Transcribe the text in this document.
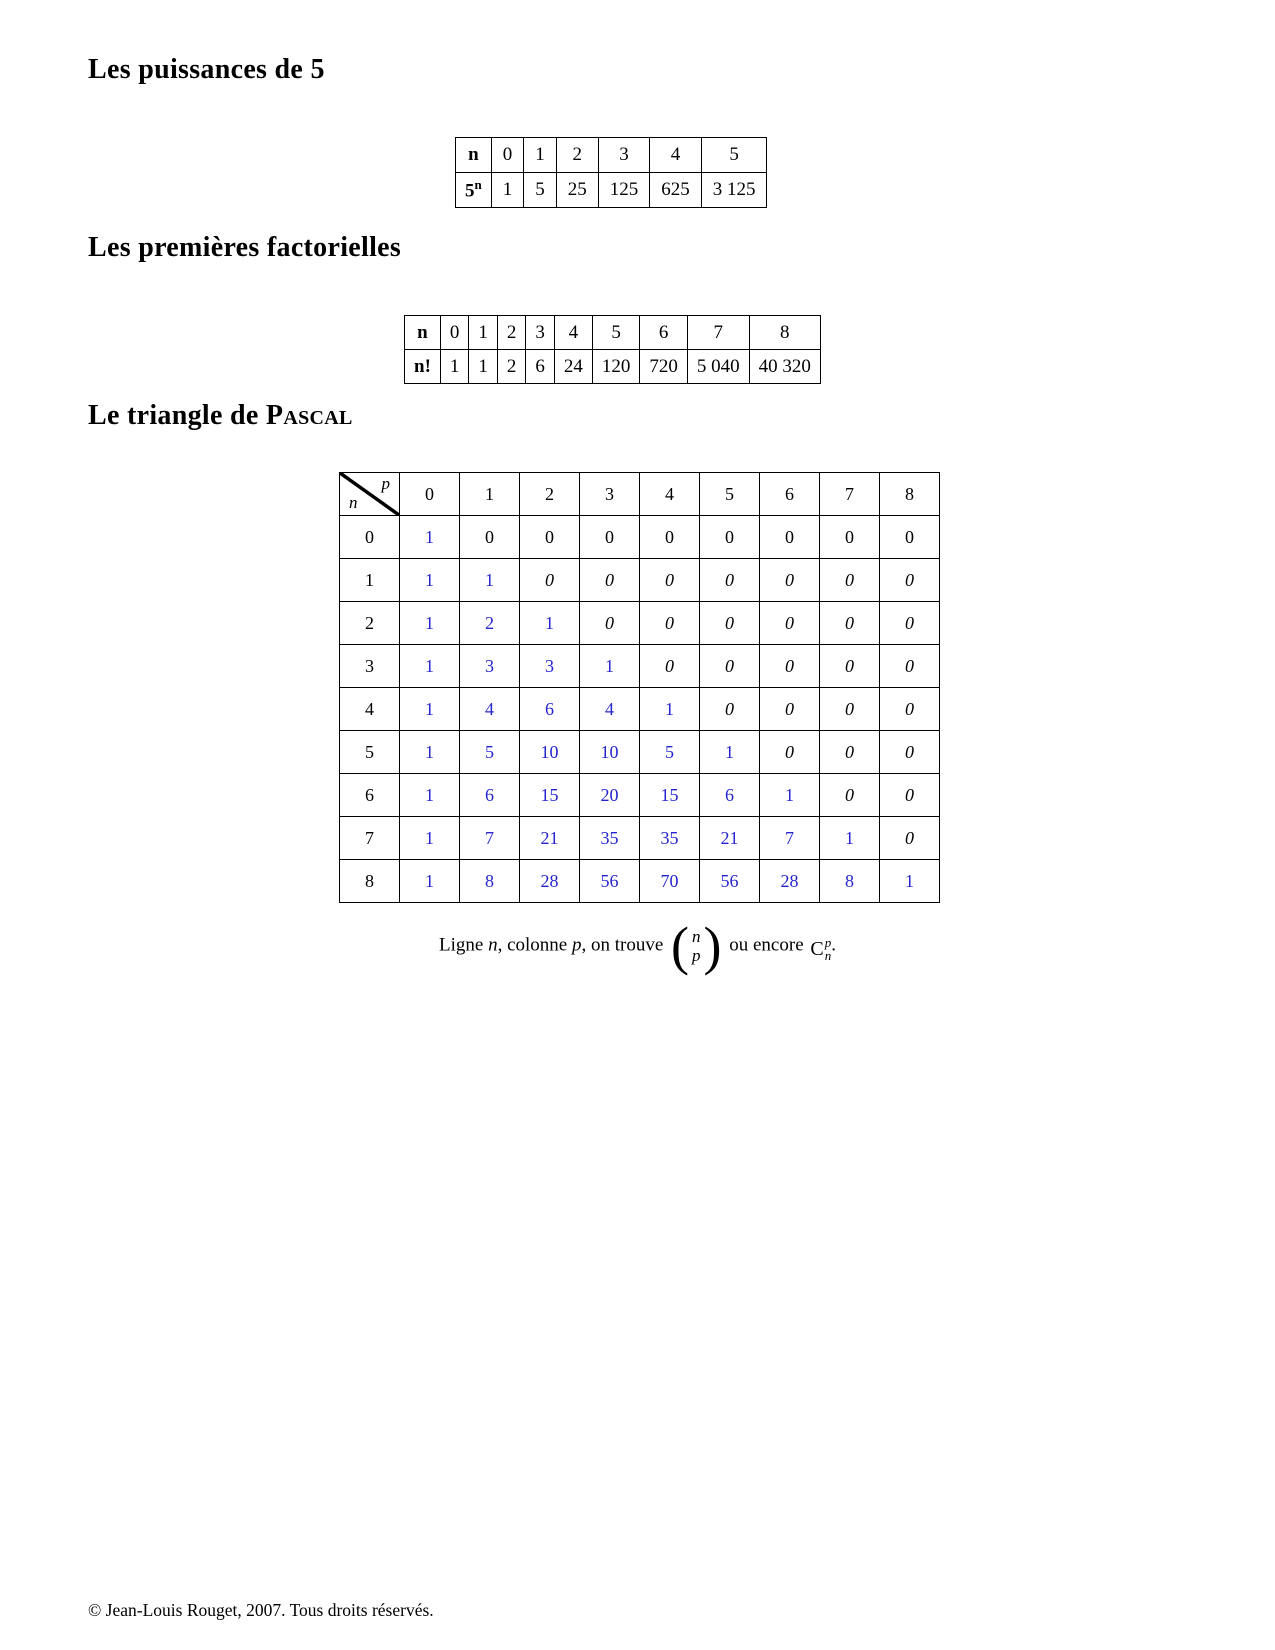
Les puissances de 5
n	0	1	2	3	4	5
5$^n$	1	5	25	125	625	3 125
Les premières factorielles
n	0	1	2	3	4	5	6	7	8
n!	1	1	2	6	24	120	720	5 040	40 320
Le triangle de Pascal
p
n	0	1	2	3	4	5	6	7	8
0	1	0	0	0	0	0	0	0	0
1	1	1	0	0	0	0	0	0	0
2	1	2	1	0	0	0	0	0	0
3	1	3	3	1	0	0	0	0	0
4	1	4	6	4	1	0	0	0	0
5	1	5	10	10	5	1	0	0	0
6	1	6	15	20	15	6	1	0	0
7	1	7	21	35	35	21	7	1	0
8	1	8	28	56	70	56	28	8	1
Ligne n, colonne p, on trouve ( n
p ) ou encore C p
n .
© Jean-Louis Rouget, 2007. Tous droits réservés.
